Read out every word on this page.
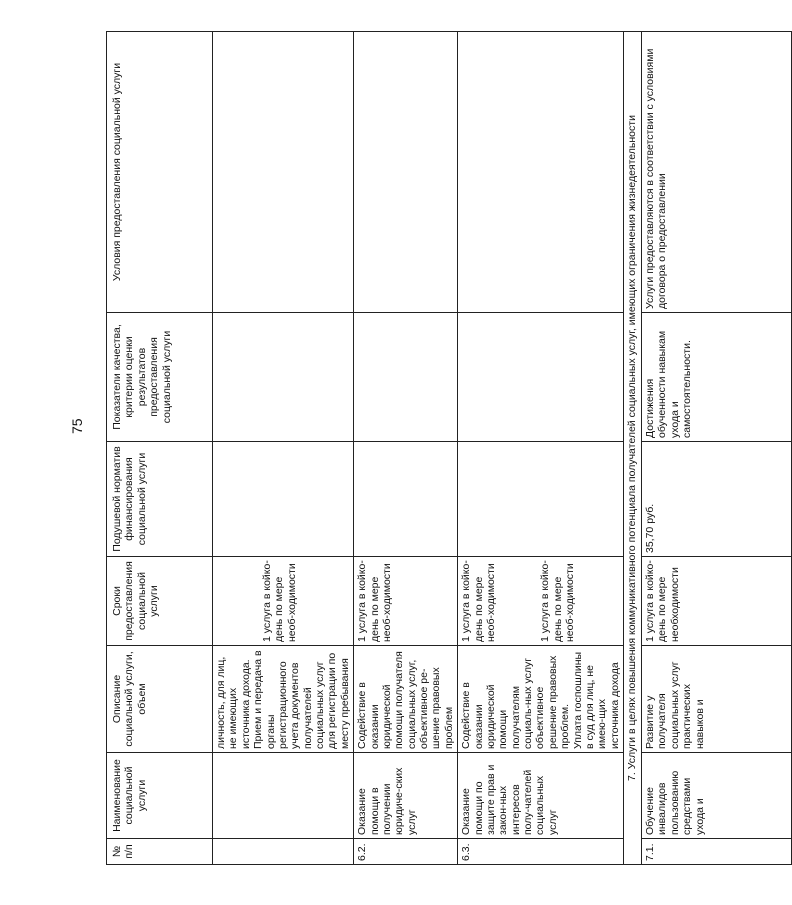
75
№ п/п	Наименование социальной услуги	Описание социальной услуги, объем	Сроки предоставления социальной услуги	Подушевой норматив финансирования социальной услуги	Показатели качества, критерии оценки результатов предоставления социальной услуги	Условия предоставления социальной услуги
		личность, для лиц, не имеющих источника дохода. Прием и передача в органы регистрационного учета документов получателей социальных услуг для регистрации по месту пребывания	1 услуга в койко-день по мере необ-ходимости			

6.2.	Оказание помощи в получении юридиче-ских услуг	Содействие в оказании юридической помощи получателя социальных услуг, объективное ре-шение правовых проблем	1 услуга в койко-день по мере необ-ходимости			
6.3.	Оказание помощи по защите прав и закон-ных интересов полу-чателей социальных услуг	Содействие в оказании юридической помощи получателям социаль-ных услуг объективное решение правовых проблем. Уплата госпошлины в суд для лиц, не имею-щих источника дохода	1 услуга в койко-день по мере необ-ходимости 1 услуга в койко-день по мере необ-ходимости			

7. Услуги в целях повышения коммуникативного потенциала получателей социальных услуг, имеющих ограничения жизнедеятельности						
7.1.	Обучение инвалидов пользованию средствами ухода и	Развитие у получателя социальных услуг практических навыков и	1 услуга в койко-день по мере необходимости	35,70 руб.	Достижения обученности навыкам ухода и самостоятельности.	Услуги предоставляются в соответствии с условиями договора о предоставлении
